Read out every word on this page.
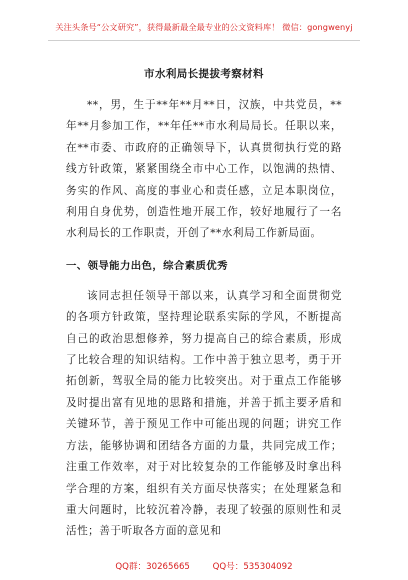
关注头条号“公文研究”，获得最新最全最专业的公文资料库！ 微信：gongwenyj
市水利局长提拔考察材料

**，男，生于**年**月**日，汉族，中共党员，**年**月参加工作，**年任**市水利局局长。任职以来，在**市委、市政府的正确领导下，认真贯彻执行党的路线方针政策，紧紧围绕全市中心工作，以饱满的热情、务实的作风、高度的事业心和责任感，立足本职岗位，利用自身优势，创造性地开展工作，较好地履行了一名水利局长的工作职责，开创了**水利局工作新局面。

一、领导能力出色，综合素质优秀

该同志担任领导干部以来，认真学习和全面贯彻党的各项方针政策，坚持理论联系实际的学风，不断提高自己的政治思想修养，努力提高自己的综合素质，形成了比较合理的知识结构。工作中善于独立思考，勇于开拓创新，驾驭全局的能力比较突出。对于重点工作能够及时提出富有见地的思路和措施，并善于抓主要矛盾和关键环节，善于预见工作中可能出现的问题；讲究工作方法，能够协调和团结各方面的力量，共同完成工作；注重工作效率，对于对比较复杂的工作能够及时拿出科学合理的方案，组织有关方面尽快落实；在处理紧急和重大问题时，比较沉着冷静，表现了较强的原则性和灵活性；善于听取各方面的意见和

QQ群：30265665	QQ号：535304092
